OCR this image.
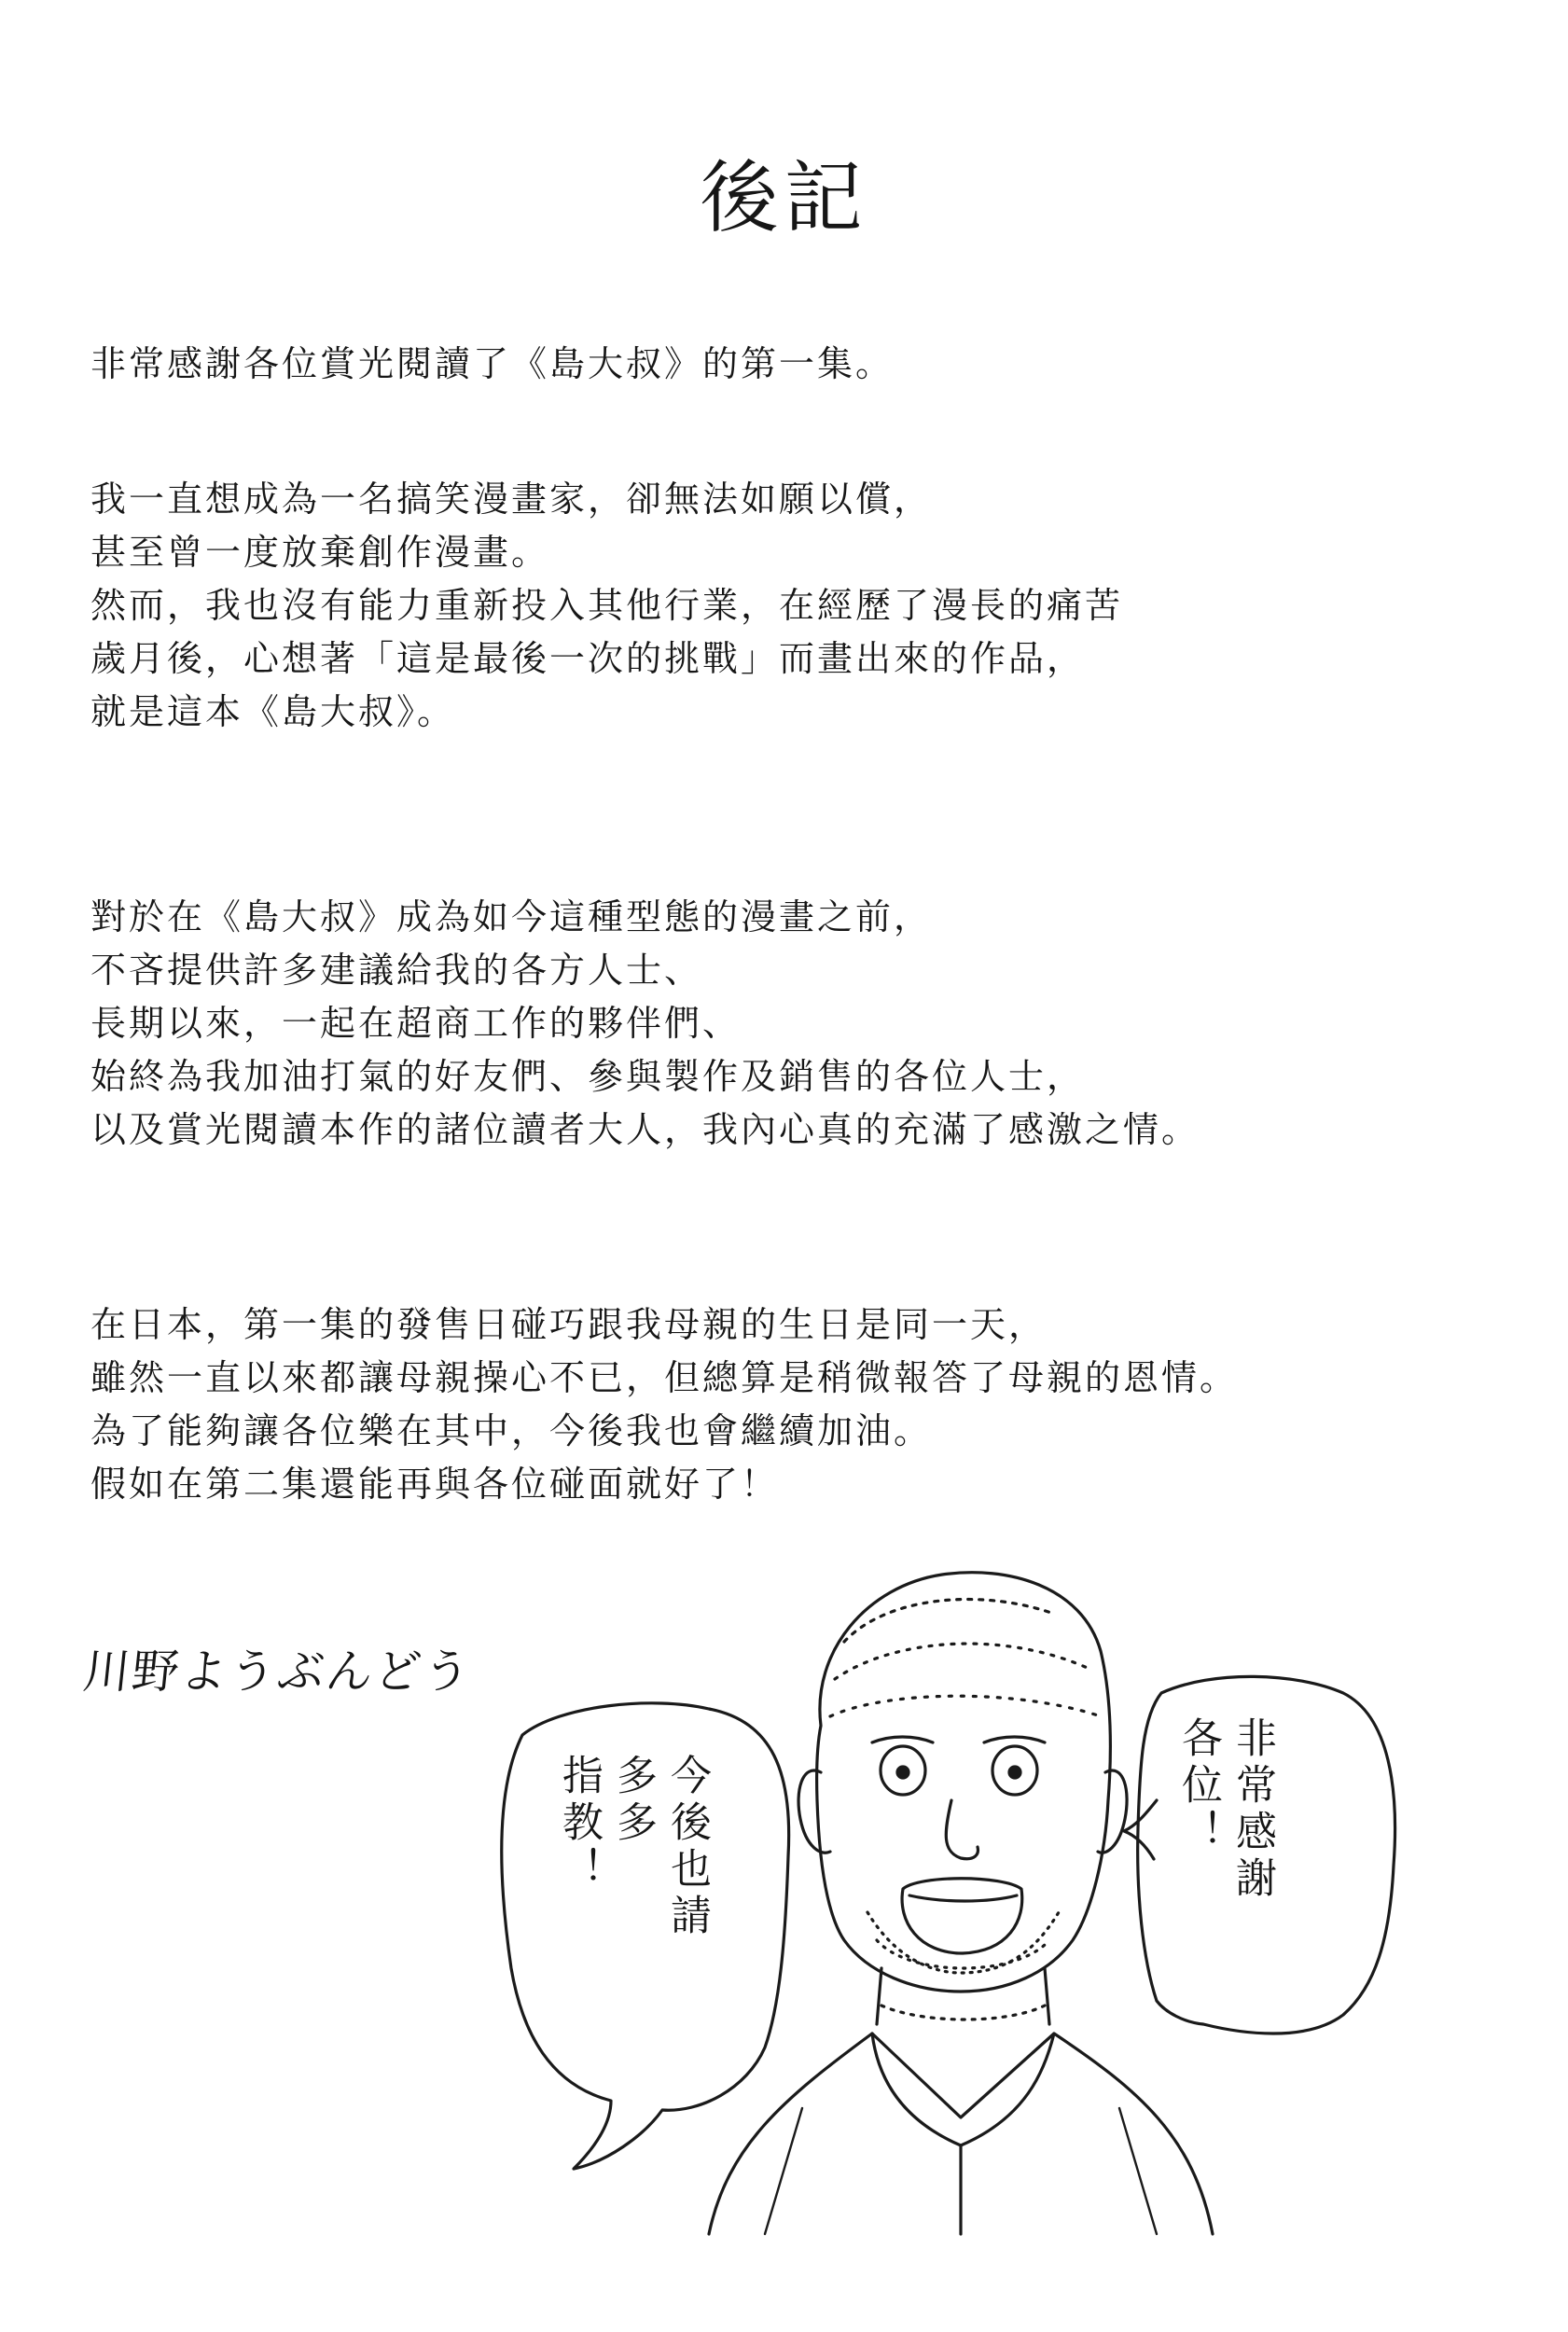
後記
非常感謝各位賞光閱讀了《島大叔》的第一集。
我一直想成為一名搞笑漫畫家，卻無法如願以償，
甚至曾一度放棄創作漫畫。
然而，我也沒有能力重新投入其他行業，在經歷了漫長的痛苦
歲月後，心想著「這是最後一次的挑戰」而畫出來的作品，
就是這本《島大叔》。
對於在《島大叔》成為如今這種型態的漫畫之前，
不吝提供許多建議給我的各方人士、
長期以來，一起在超商工作的夥伴們、
始終為我加油打氣的好友們、參與製作及銷售的各位人士，
以及賞光閱讀本作的諸位讀者大人，我內心真的充滿了感激之情。
在日本，第一集的發售日碰巧跟我母親的生日是同一天，
雖然一直以來都讓母親操心不已，但總算是稍微報答了母親的恩情。
為了能夠讓各位樂在其中，今後我也會繼續加油。
假如在第二集還能再與各位碰面就好了！
川野ようぶんどう
今後也請
多多
指教！	非常感謝
各位！
